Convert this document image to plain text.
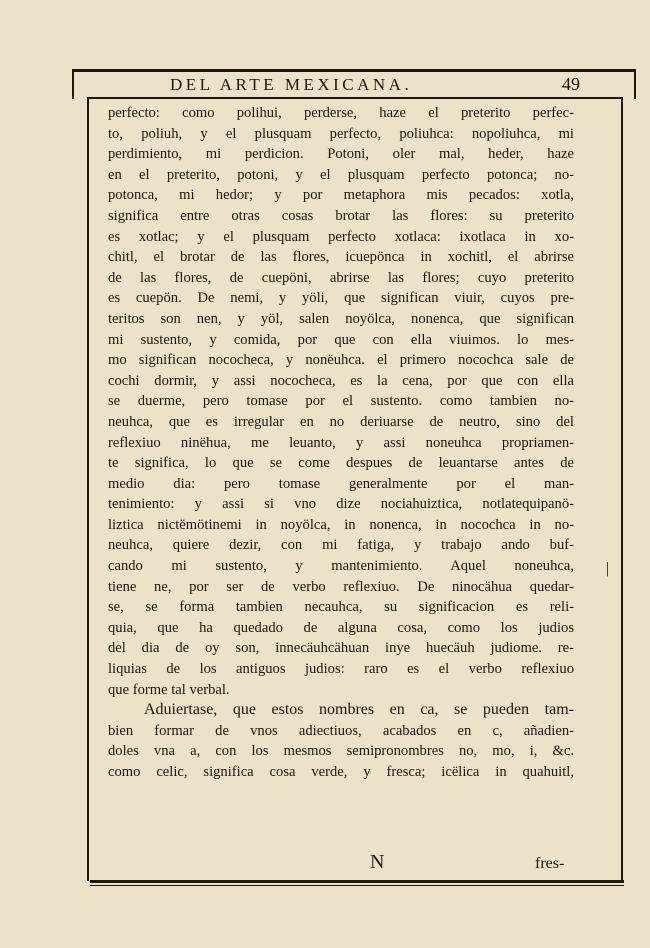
DEL ARTE MEXICANA.	49
perfecto: como polihui, perderse, haze el preterito perfec-
to, poliuh, y el plusquam perfecto, poliuhca: nopoliuhca, mi
perdimiento, mi perdicion. Potoni, oler mal, heder, haze
en el preterito, potoni, y el plusquam perfecto potonca; no-
potonca, mi hedor; y por metaphora mis pecados: xotla,
significa entre otras cosas brotar las flores: su preterito
es xotlac; y el plusquam perfecto xotlaca: ixotlaca in xo-
chitl, el brotar de las flores, icuepönca in xochitl, el abrirse
de las flores, de cuepöni, abrirse las flores; cuyo preterito
es cuepön. De nemi, y yöli, que significan viuir, cuyos pre-
teritos son nen, y yöl, salen noyölca, nonenca, que significan
mi sustento, y comida, por que con ella viuimos. lo mes-
mo significan nococheca, y nonëuhca. el primero nocochca sale de
cochi dormir, y assi nococheca, es la cena, por que con ella
se duerme, pero tomase por el sustento. como tambien no-
neuhca, que es irregular en no deriuarse de neutro, sino del
reflexiuo ninëhua, me leuanto, y assi noneuhca propriamen-
te significa, lo que se come despues de leuantarse antes de
medio dia: pero tomase generalmente por el man-
tenimiento: y assi si vno dize nociahuiztica, notlatequipanö-
liztica nictëmötinemi in noyölca, in nonenca, in nocochca in no-
neuhca, quiere dezir, con mi fatiga, y trabajo ando buf-
cando mi sustento, y mantenimiento. Aquel noneuhca,
tiene ne, por ser de verbo reflexiuo. De ninocähua quedar-
se, se forma tambien necauhca, su significacion es reli-
quia, que ha quedado de alguna cosa, como los judios
del dia de oy son, innecäuhcähuan inye huecäuh judiome. re-
liquias de los antiguos judios: raro es el verbo reflexiuo
que forme tal verbal.
Aduiertase, que estos nombres en ca, se pueden tam-
bien formar de vnos adiectiuos, acabados en c, añadien-
doles vna a, con los mesmos semipronombres no, mo, i, &c.
como celic, significa cosa verde, y fresca; icëlica in quahuitl,
|
N	fres-
